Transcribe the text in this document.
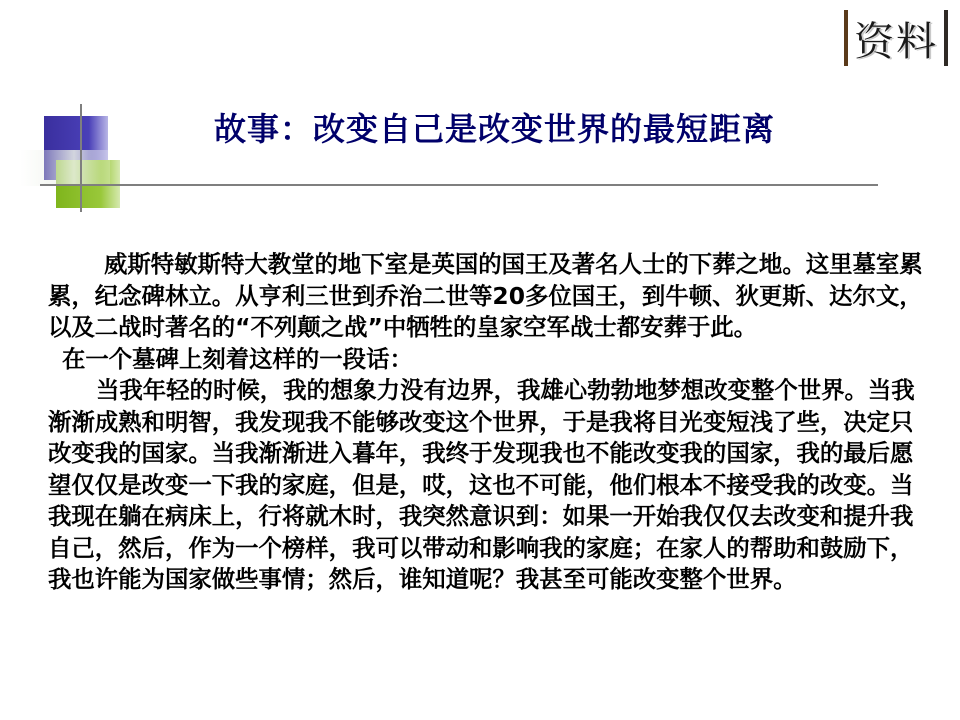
资料
故事：改变自己是改变世界的最短距离

威斯特敏斯特大教堂的地下室是英国的国王及著名人士的下葬之地。这里墓室累累，纪念碑林立。从亨利三世到乔治二世等20多位国王，到牛顿、狄更斯、达尔文，以及二战时著名的“不列颠之战”中牺牲的皇家空军战士都安葬于此。

在一个墓碑上刻着这样的一段话：

当我年轻的时候，我的想象力没有边界，我雄心勃勃地梦想改变整个世界。当我渐渐成熟和明智，我发现我不能够改变这个世界，于是我将目光变短浅了些，决定只改变我的国家。当我渐渐进入暮年，我终于发现我也不能改变我的国家，我的最后愿望仅仅是改变一下我的家庭，但是，哎，这也不可能，他们根本不接受我的改变。当我现在躺在病床上，行将就木时，我突然意识到：如果一开始我仅仅去改变和提升我自己，然后，作为一个榜样，我可以带动和影响我的家庭；在家人的帮助和鼓励下，我也许能为国家做些事情；然后，谁知道呢？我甚至可能改变整个世界。
